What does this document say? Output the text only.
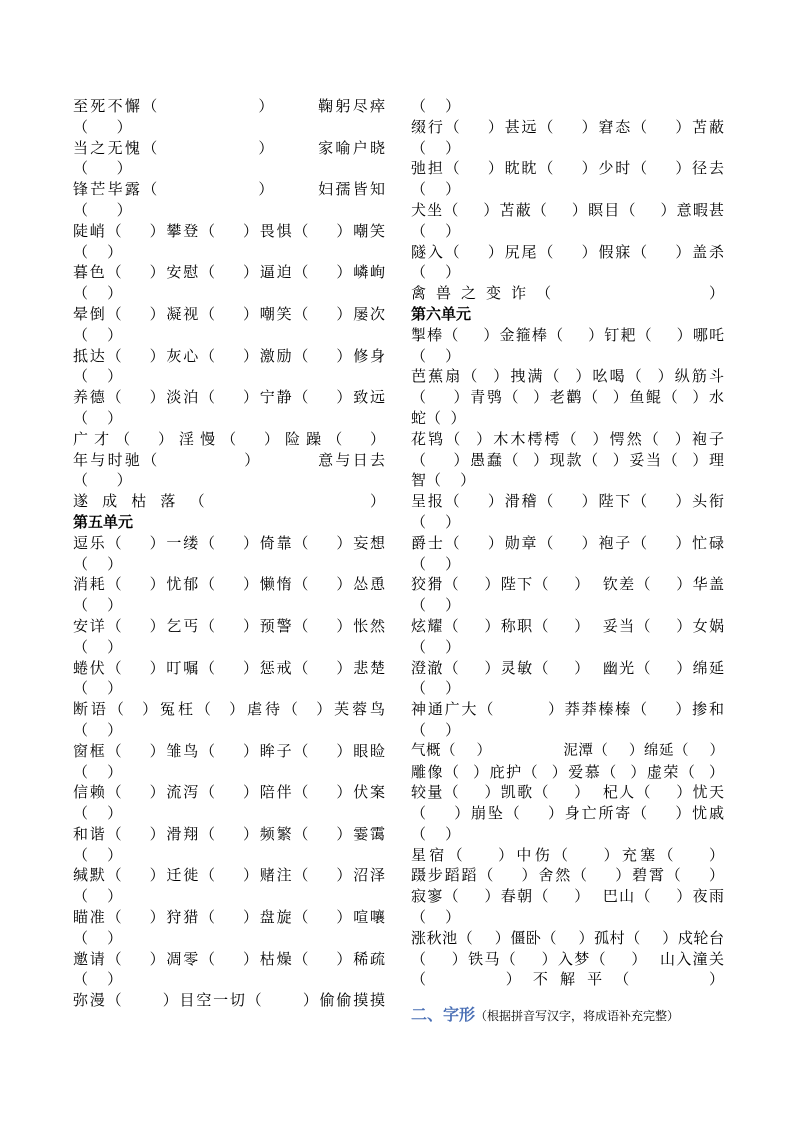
至死不懈（              ）      鞠躬尽瘁
（      ）
当之无愧（              ）      家喻户晓
（      ）
锋芒毕露（              ）      妇孺皆知
（      ）
陡峭（    ）攀登（    ）畏惧（    ）嘲笑
（    ）
暮色（    ）安慰（    ）逼迫（    ）嶙峋
（    ）
晕倒（    ）凝视（    ）嘲笑（    ）屡次
（    ）
抵达（    ）灰心（    ）激励（    ）修身
（    ）
养德（    ）淡泊（    ）宁静（    ）致远
（    ）
广才（  ）淫慢（  ）险躁（  ）
年与时驰（            ）        意与日去
（      ）
遂成枯落（        ）
第五单元
逗乐（    ）一缕（    ）倚靠（    ）妄想
（    ）
消耗（    ）忧郁（    ）懒惰（    ）怂恿
（    ）
安详（    ）乞丐（    ）预警（    ）怅然
（    ）
蜷伏（    ）叮嘱（    ）惩戒（    ）悲楚
（    ）
断语（  ）冤枉（  ）虐待（  ）芙蓉鸟
（    ）
窗框（    ）雏鸟（    ）眸子（    ）眼睑
（    ）
信赖（    ）流泻（    ）陪伴（    ）伏案
（    ）
和谐（    ）滑翔（    ）频繁（    ）霎霭
（    ）
缄默（    ）迁徙（    ）赌注（    ）沼泽
（    ）
瞄准（    ）狩猎（    ）盘旋（    ）喧嚷
（    ）
邀请（    ）凋零（    ）枯燥（    ）稀疏
（    ）
弥漫（      ）目空一切（      ）偷偷摸摸
（    ）
缀行（    ）甚远（    ）窘态（    ）苫蔽
（    ）
弛担（    ）眈眈（    ）少时（    ）径去
（    ）
犬坐（    ）苫蔽（    ）瞑目（    ）意暇甚
（    ）
隧入（    ）尻尾（    ）假寐（    ）盖杀
（    ）
禽兽之变诈（          ）
第六单元
掣棒（    ）金箍棒（    ）钉耙（    ）哪吒
（    ）
芭蕉扇（  ）拽满（  ）吆喝（  ）纵筋斗
（    ）青鸮（  ）老鹳（  ）鱼鲲（  ）水
蛇（  ）
花鸨（  ）木木樗樗（  ）愕然（  ）袍子
（    ）愚蠢（  ）现款（  ）妥当（  ）理
智（    ）
呈报（    ）滑稽（    ）陛下（    ）头衔
（    ）
爵士（    ）勋章（    ）袍子（    ）忙碌
（    ）
狡猾（    ）陛下（    ）  钦差（    ）华盖
（    ）
炫耀（    ）称职（    ）  妥当（    ）女娲
（    ）
澄澈（    ）灵敏（    ）  幽光（    ）绵延
（    ）
神通广大（        ）莽莽榛榛（    ）掺和
（    ）
气概（    ）              泥潭（    ）绵延（    ）
雕像（  ）庇护（  ）爱慕（  ）虚荣（  ）
较量（    ）凯歌（    ）  杞人（    ）忧天
（    ）崩坠（    ）身亡所寄（    ）忧戚
（    ）
星宿（    ）中伤（    ）充塞（    ）
蹑步蹈蹈（    ）舍然（    ）碧霄（    ）
寂寥（    ）春朝（    ）  巴山（    ）夜雨
（    ）
涨秋池（    ）僵卧（    ）孤村（    ）戍轮台
（    ）铁马（    ）入梦（    ）  山入潼关
（    ）不解平（    ）
二、字形（根据拼音写汉字，将成语补充完整）
